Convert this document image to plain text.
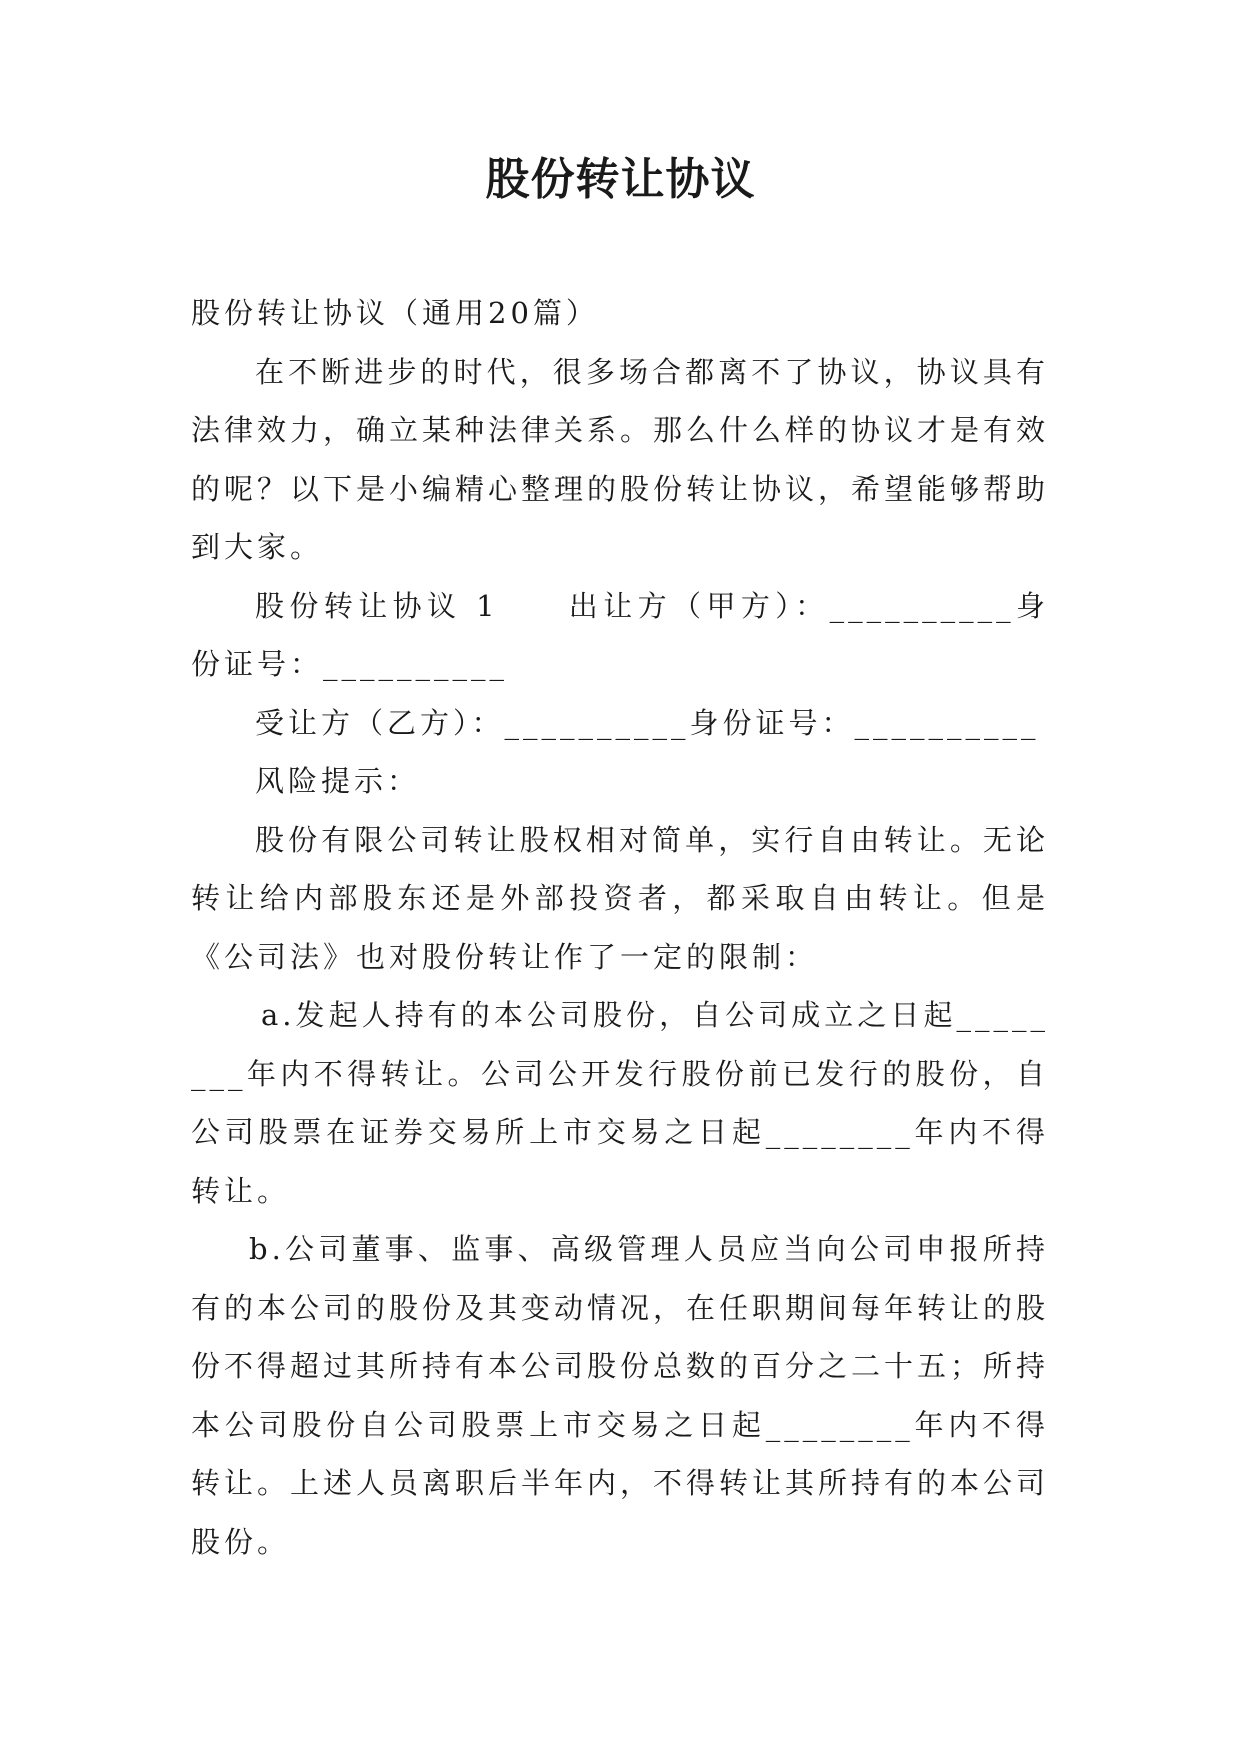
股份转让协议

股份转让协议（通用20篇）

在不断进步的时代，很多场合都离不了协议，协议具有法律效力，确立某种法律关系。那么什么样的协议才是有效的呢？以下是小编精心整理的股份转让协议，希望能够帮助到大家。

股份转让协议 1　　出让方（甲方）：__________身份证号：__________

受让方（乙方）：__________身份证号：__________

风险提示：

股份有限公司转让股权相对简单，实行自由转让。无论转让给内部股东还是外部投资者，都采取自由转让。但是《公司法》也对股份转让作了一定的限制：

a.发起人持有的本公司股份，自公司成立之日起________年内不得转让。公司公开发行股份前已发行的股份，自公司股票在证券交易所上市交易之日起________年内不得转让。

b.公司董事、监事、高级管理人员应当向公司申报所持有的本公司的股份及其变动情况，在任职期间每年转让的股份不得超过其所持有本公司股份总数的百分之二十五；所持本公司股份自公司股票上市交易之日起________年内不得转让。上述人员离职后半年内，不得转让其所持有的本公司股份。
